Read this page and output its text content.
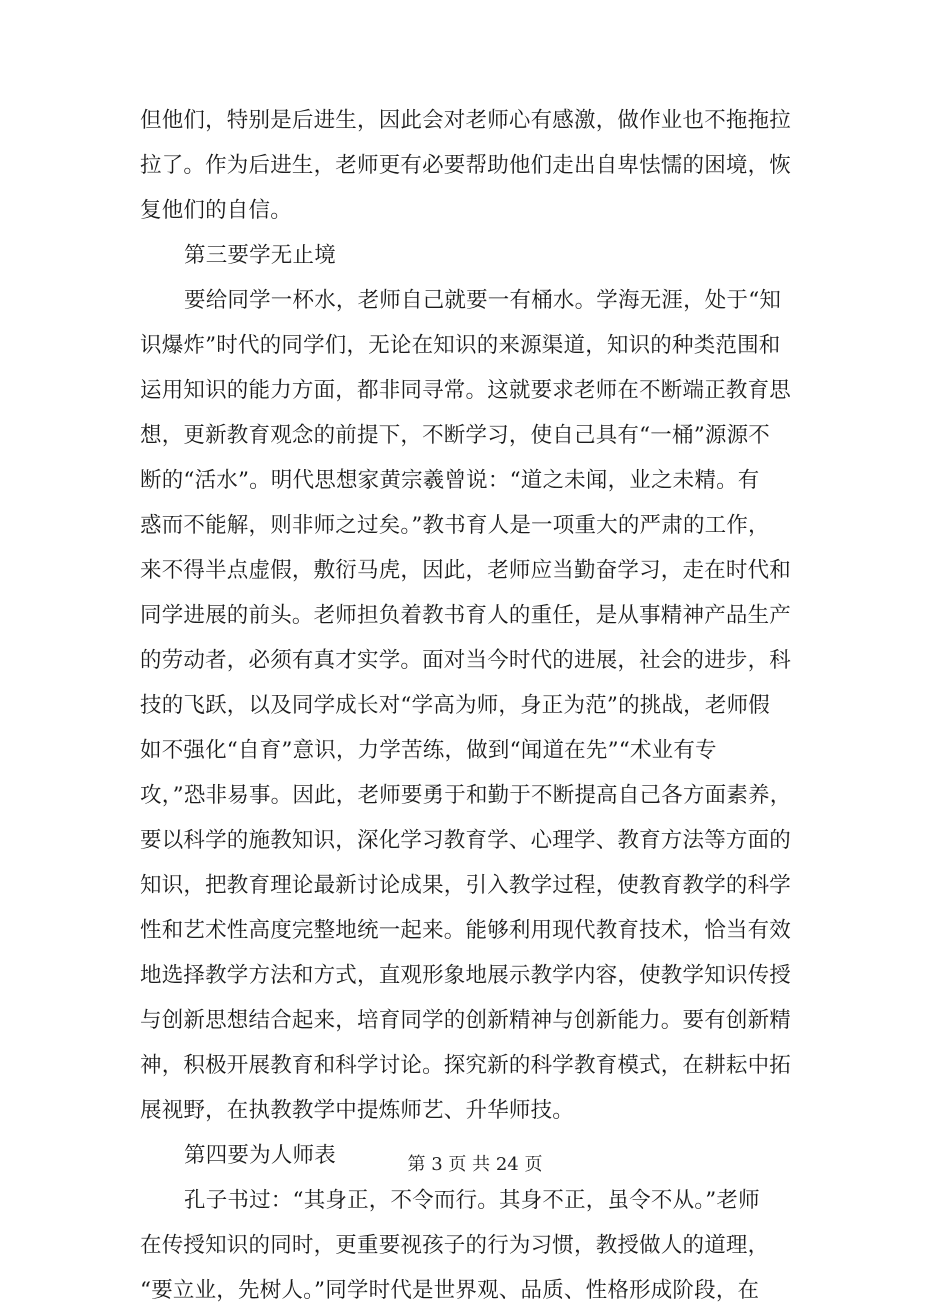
但他们，特别是后进生，因此会对老师心有感激，做作业也不拖拖拉
拉了。作为后进生，老师更有必要帮助他们走出自卑怯懦的困境，恢
复他们的自信。
第三要学无止境
要给同学一杯水，老师自己就要一有桶水。学海无涯，处于“知
识爆炸”时代的同学们，无论在知识的来源渠道，知识的种类范围和
运用知识的能力方面，都非同寻常。这就要求老师在不断端正教育思
想，更新教育观念的前提下，不断学习，使自己具有“一桶”源源不
断的“活水”。明代思想家黄宗羲曾说：“道之未闻，业之未精。有
惑而不能解，则非师之过矣。”教书育人是一项重大的严肃的工作，
来不得半点虚假，敷衍马虎，因此，老师应当勤奋学习，走在时代和
同学进展的前头。老师担负着教书育人的重任，是从事精神产品生产
的劳动者，必须有真才实学。面对当今时代的进展，社会的进步，科
技的飞跃，以及同学成长对“学高为师，身正为范”的挑战，老师假
如不强化“自育”意识，力学苦练，做到“闻道在先”“术业有专
攻，”恐非易事。因此，老师要勇于和勤于不断提高自己各方面素养，
要以科学的施教知识，深化学习教育学、心理学、教育方法等方面的
知识，把教育理论最新讨论成果，引入教学过程，使教育教学的科学
性和艺术性高度完整地统一起来。能够利用现代教育技术，恰当有效
地选择教学方法和方式，直观形象地展示教学内容，使教学知识传授
与创新思想结合起来，培育同学的创新精神与创新能力。要有创新精
神，积极开展教育和科学讨论。探究新的科学教育模式，在耕耘中拓
展视野，在执教教学中提炼师艺、升华师技。
第四要为人师表
孔子书过：“其身正，不令而行。其身不正，虽令不从。”老师
在传授知识的同时，更重要视孩子的行为习惯，教授做人的道理，
“要立业，先树人。”同学时代是世界观、品质、性格形成阶段，在
第 3 页 共 24 页
